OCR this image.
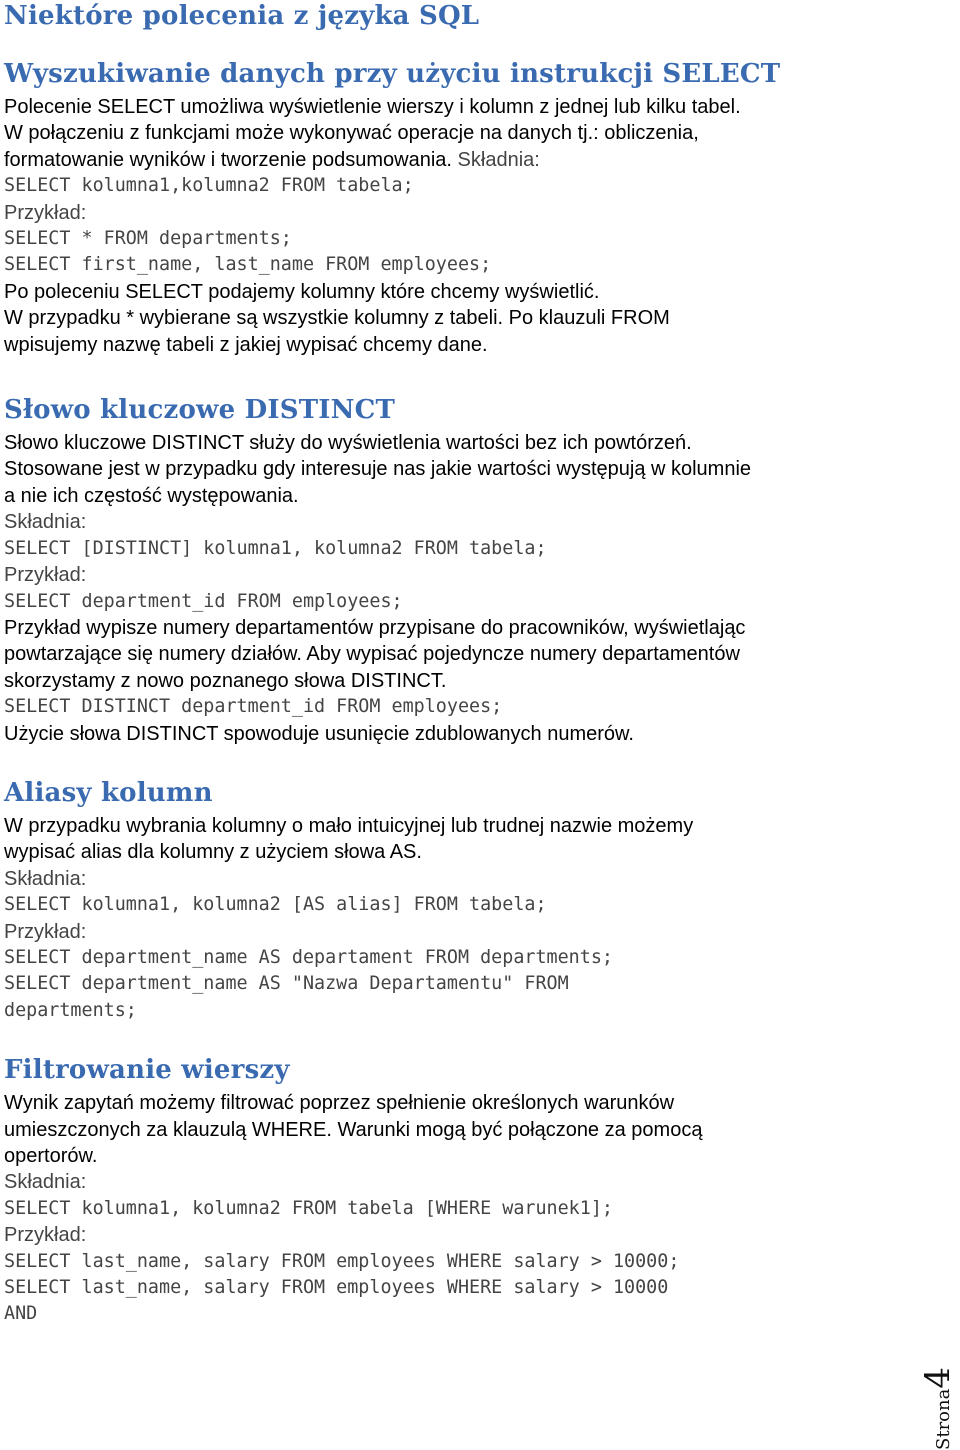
Niektóre polecenia z języka SQL
Wyszukiwanie danych przy użyciu instrukcji SELECT

Polecenie SELECT umożliwa wyświetlenie wierszy i kolumn z jednej lub kilku tabel.

W połączeniu z funkcjami może wykonywać operacje na danych tj.: obliczenia,

formatowanie wyników i tworzenie podsumowania. Składnia:

SELECT kolumna1,kolumna2 FROM tabela;

Przykład:

SELECT * FROM departments;

SELECT first_name, last_name FROM employees;

Po poleceniu SELECT podajemy kolumny które chcemy wyświetlić.

W przypadku * wybierane są wszystkie kolumny z tabeli. Po klauzuli FROM

wpisujemy nazwę tabeli z jakiej wypisać chcemy dane.

Słowo kluczowe DISTINCT

Słowo kluczowe DISTINCT służy do wyświetlenia wartości bez ich powtórzeń.

Stosowane jest w przypadku gdy interesuje nas jakie wartości występują w kolumnie

a nie ich częstość występowania.

Składnia:

SELECT [DISTINCT] kolumna1, kolumna2 FROM tabela;

Przykład:

SELECT department_id FROM employees;

Przykład wypisze numery departamentów przypisane do pracowników, wyświetlając

powtarzające się numery działów. Aby wypisać pojedyncze numery departamentów

skorzystamy z nowo poznanego słowa DISTINCT.

SELECT DISTINCT department_id FROM employees;

Użycie słowa DISTINCT spowoduje usunięcie zdublowanych numerów.

Aliasy kolumn

W przypadku wybrania kolumny o mało intuicyjnej lub trudnej nazwie możemy

wypisać alias dla kolumny z użyciem słowa AS.

Składnia:

SELECT kolumna1, kolumna2 [AS alias] FROM tabela;

Przykład:

SELECT department_name AS departament FROM departments;

SELECT department_name AS "Nazwa Departamentu" FROM

departments;

Filtrowanie wierszy

Wynik zapytań możemy filtrować poprzez spełnienie określonych warunków

umieszczonych za klauzulą WHERE. Warunki mogą być połączone za pomocą

opertorów.

Składnia:

SELECT kolumna1, kolumna2 FROM tabela [WHERE warunek1];

Przykład:

SELECT last_name, salary FROM employees WHERE salary > 10000;

SELECT last_name, salary FROM employees WHERE salary > 10000

AND

Strona4
